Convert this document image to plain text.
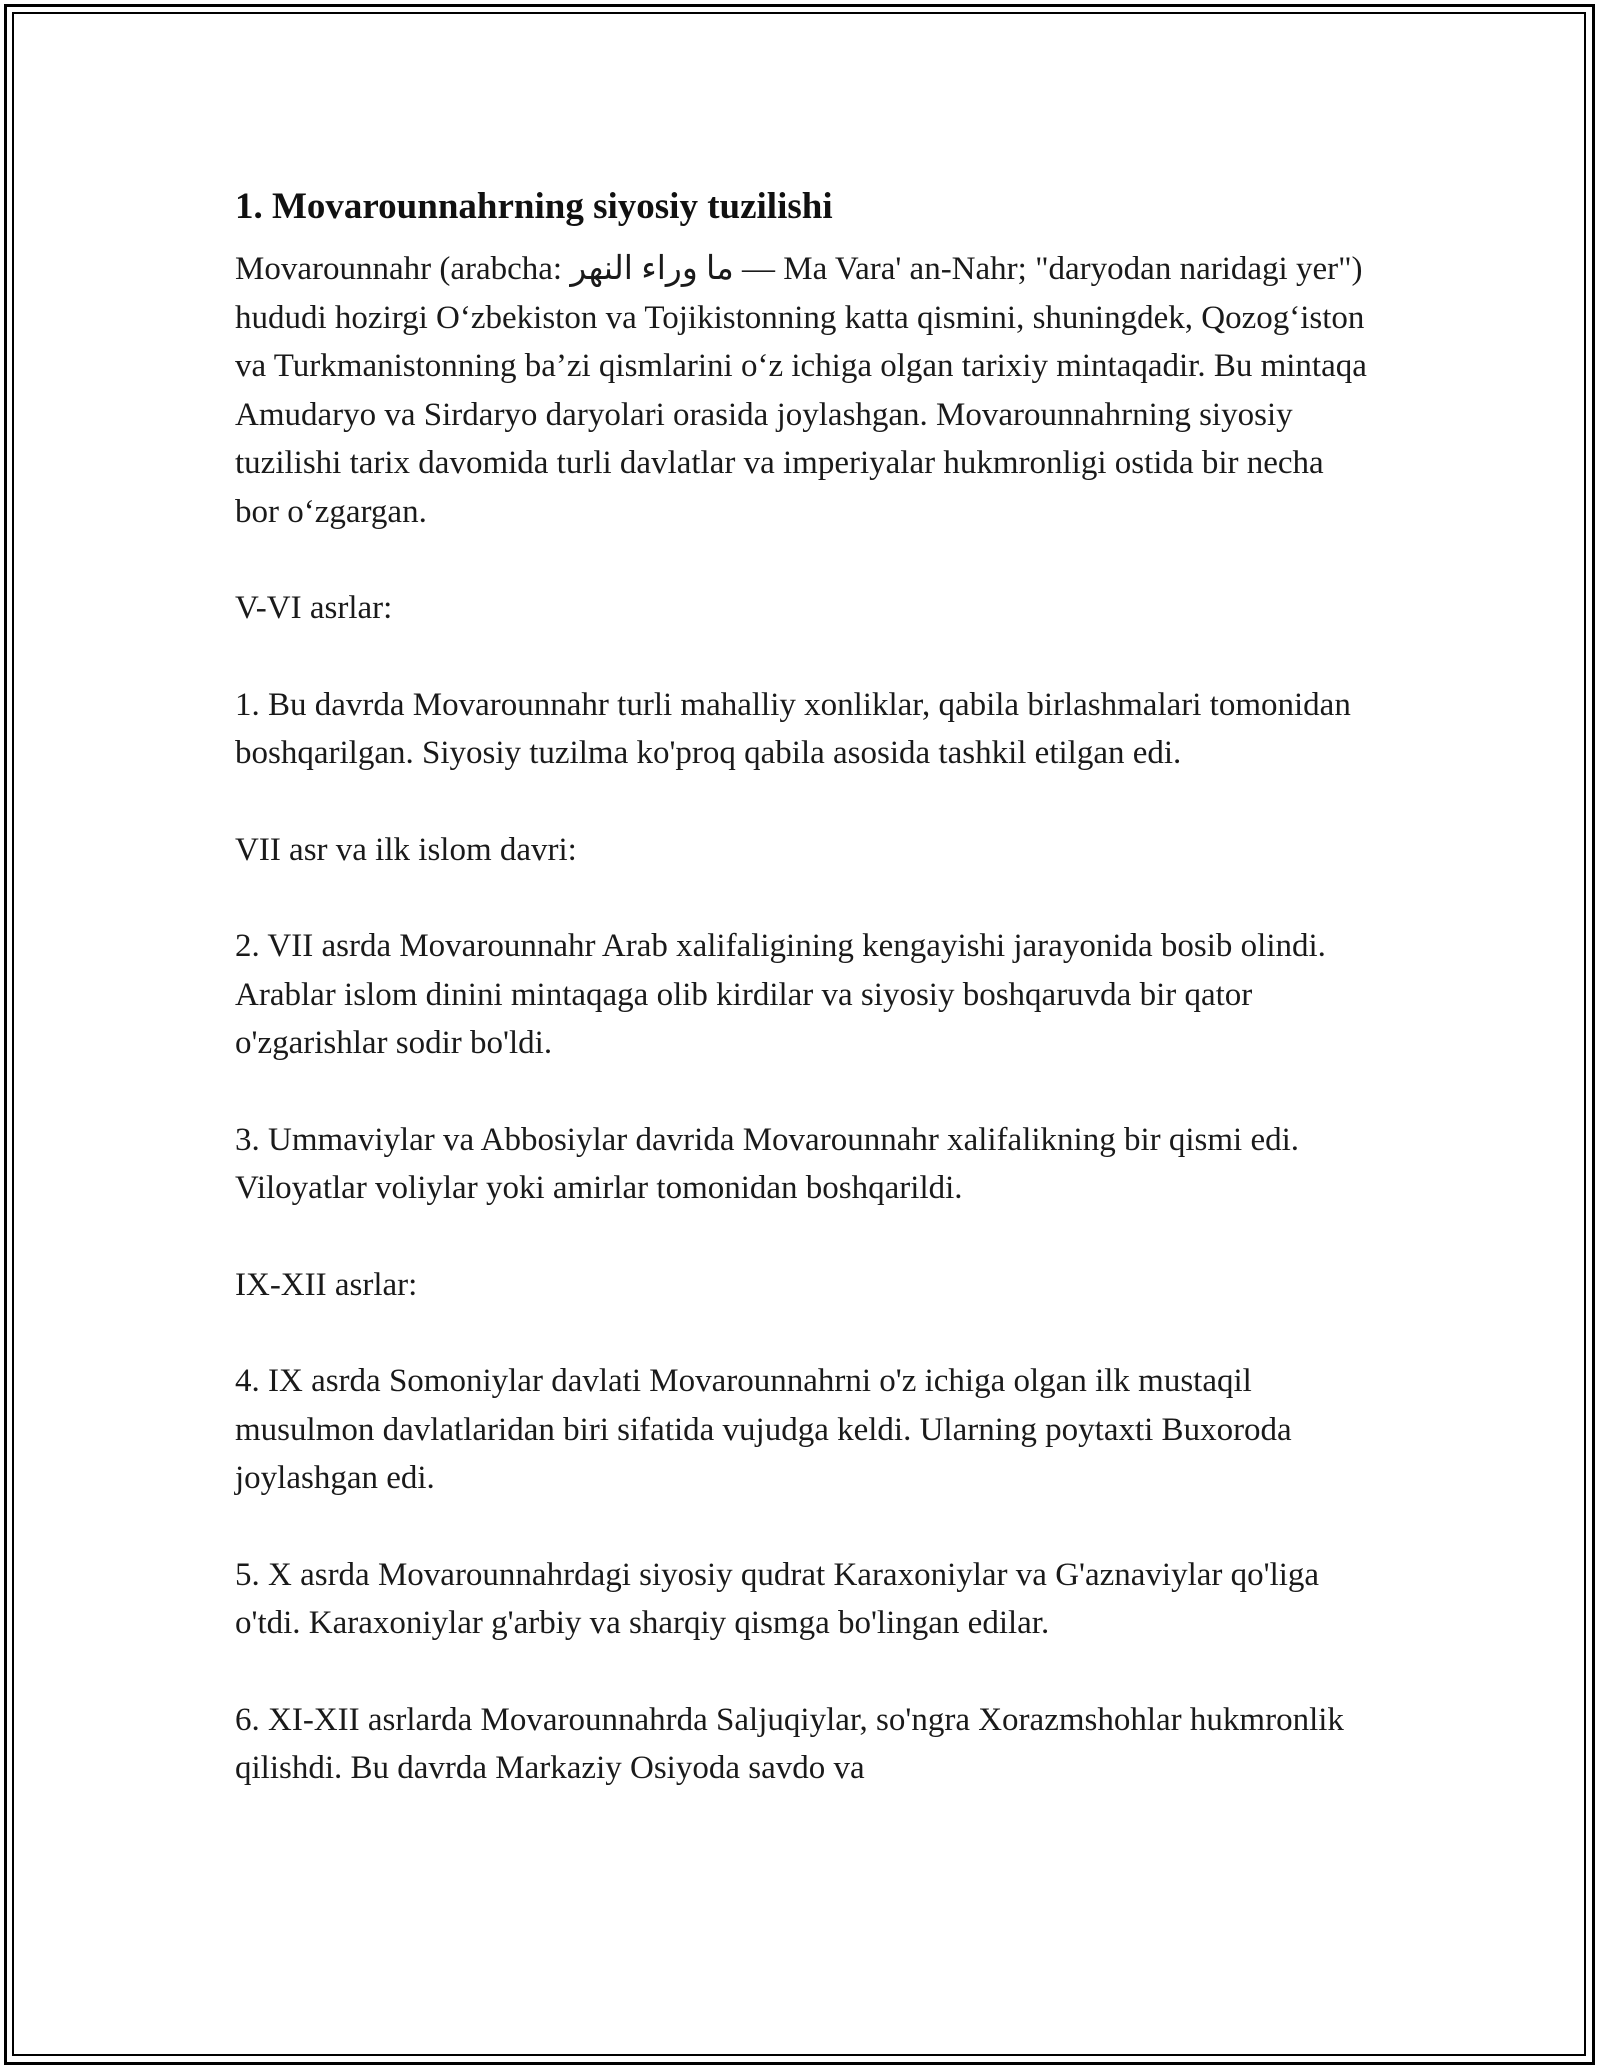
1. Movarounnahrning siyosiy tuzilishi

Movarounnahr (arabcha: ما وراء النهر — Ma Vara' an-Nahr; "daryodan naridagi yer") hududi hozirgi O‘zbekiston va Tojikistonning katta qismini, shuningdek, Qozog‘iston va Turkmanistonning ba’zi qismlarini o‘z ichiga olgan tarixiy mintaqadir. Bu mintaqa Amudaryo va Sirdaryo daryolari orasida joylashgan. Movarounnahrning siyosiy tuzilishi tarix davomida turli davlatlar va imperiyalar hukmronligi ostida bir necha bor o‘zgargan.

V-VI asrlar:

1. Bu davrda Movarounnahr turli mahalliy xonliklar, qabila birlashmalari tomonidan boshqarilgan. Siyosiy tuzilma ko'proq qabila asosida tashkil etilgan edi.

VII asr va ilk islom davri:

2. VII asrda Movarounnahr Arab xalifaligining kengayishi jarayonida bosib olindi. Arablar islom dinini mintaqaga olib kirdilar va siyosiy boshqaruvda bir qator o'zgarishlar sodir bo'ldi.

3. Ummaviylar va Abbosiylar davrida Movarounnahr xalifalikning bir qismi edi. Viloyatlar voliylar yoki amirlar tomonidan boshqarildi.

IX-XII asrlar:

4. IX asrda Somoniylar davlati Movarounnahrni o'z ichiga olgan ilk mustaqil musulmon davlatlaridan biri sifatida vujudga keldi. Ularning poytaxti Buxoroda joylashgan edi.

5. X asrda Movarounnahrdagi siyosiy qudrat Karaxoniylar va G'aznaviylar qo'liga o'tdi. Karaxoniylar g'arbiy va sharqiy qismga bo'lingan edilar.

6. XI-XII asrlarda Movarounnahrda Saljuqiylar, so'ngra Xorazmshohlar hukmronlik qilishdi. Bu davrda Markaziy Osiyoda savdo va
